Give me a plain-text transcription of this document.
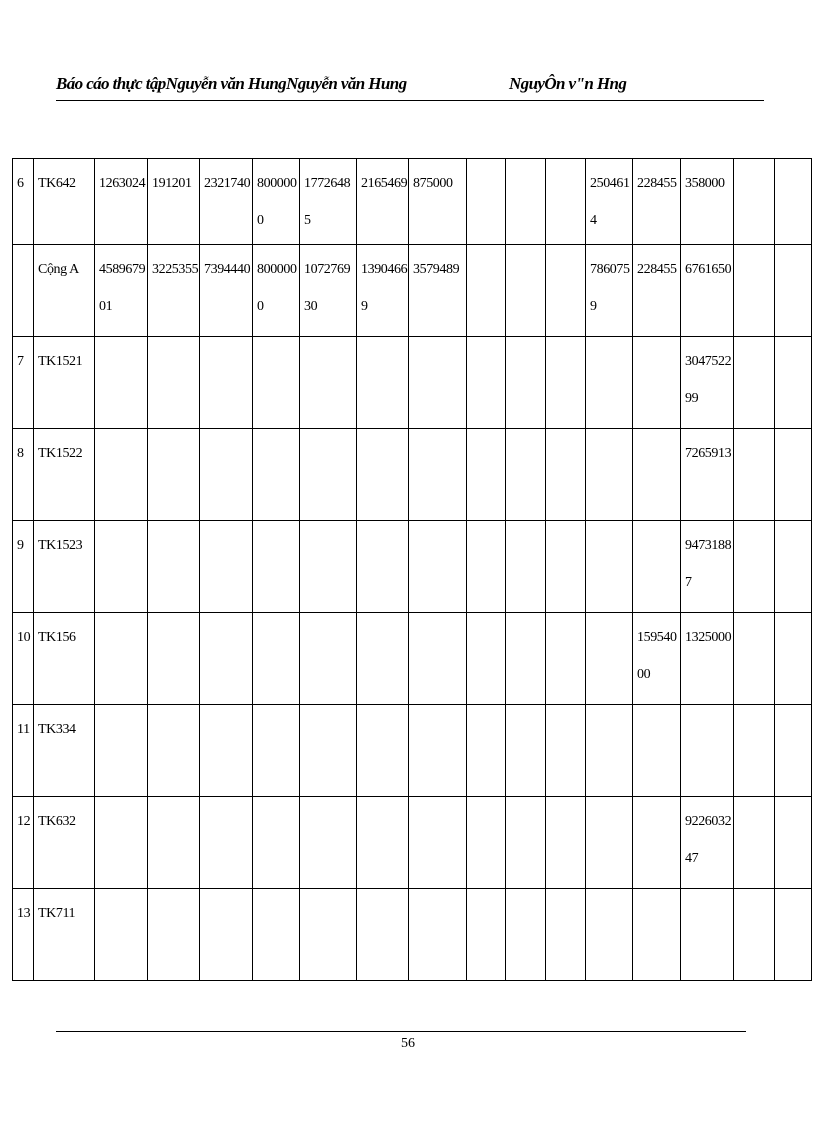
Báo cáo thực tậpNguyễn văn HungNguyễn văn Hung	NguyÔn v"n Hng
6	TK642	1263024	191201	2321740	8000000	17726485	2165469	875000				2504614	228455	358000		
	Cộng A	458967901	3225355	7394440	8000000	107276930	13904669	3579489				7860759	228455	6761650		
7	TK1521													304752299		
8	TK1522													7265913		
9	TK1523													94731887		
10	TK156												15954000	1325000		
11	TK334															
12	TK632													922603247		
13	TK711															
56
